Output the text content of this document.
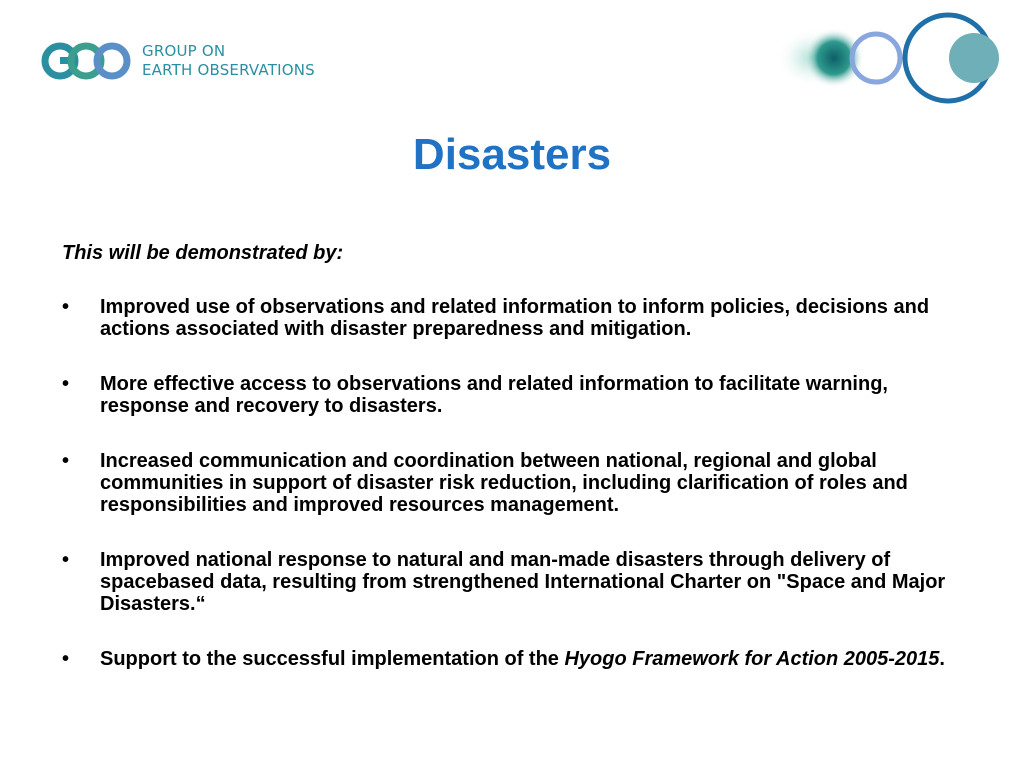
GROUP ON
EARTH OBSERVATIONS
Disasters

This will be demonstrated by:

•	Improved use of observations and related information to inform policies, decisions and actions associated with disaster preparedness and mitigation.
•	More effective access to observations and related information to facilitate warning, response and recovery to disasters.
•	Increased communication and coordination between national, regional and global communities in support of disaster risk reduction, including clarification of roles and responsibilities and improved resources management.
•	Improved national response to natural and man-made disasters through delivery of spacebased data, resulting from strengthened International Charter on "Space and Major Disasters.“
•	Support to the successful implementation of the Hyogo Framework for Action 2005-2015.
